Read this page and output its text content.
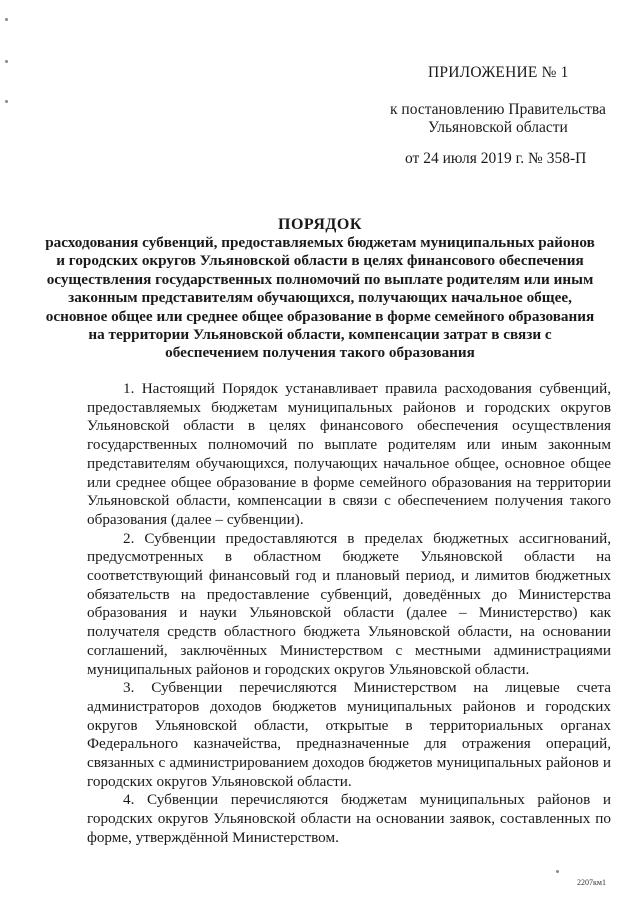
ПРИЛОЖЕНИЕ № 1
к постановлению Правительства
Ульяновской области
от 24 июля 2019 г. № 358-П
ПОРЯДОК
расходования субвенций, предоставляемых бюджетам муниципальных районов и городских округов Ульяновской области в целях финансового обеспечения осуществления государственных полномочий по выплате родителям или иным законным представителям обучающихся, получающих начальное общее, основное общее или среднее общее образование в форме семейного образования на территории Ульяновской области, компенсации затрат в связи с обеспечением получения такого образования

1. Настоящий Порядок устанавливает правила расходования субвенций, предоставляемых бюджетам муниципальных районов и городских округов Ульяновской области в целях финансового обеспечения осуществления государственных полномочий по выплате родителям или иным законным представителям обучающихся, получающих начальное общее, основное общее или среднее общее образование в форме семейного образования на территории Ульяновской области, компенсации в связи с обеспечением получения такого образования (далее – субвенции).

2. Субвенции предоставляются в пределах бюджетных ассигнований, предусмотренных в областном бюджете Ульяновской области на соответствующий финансовый год и плановый период, и лимитов бюджетных обязательств на предоставление субвенций, доведённых до Министерства образования и науки Ульяновской области (далее – Министерство) как получателя средств областного бюджета Ульяновской области, на основании соглашений, заключённых Министерством с местными администрациями муниципальных районов и городских округов Ульяновской области.

3. Субвенции перечисляются Министерством на лицевые счета администраторов доходов бюджетов муниципальных районов и городских округов Ульяновской области, открытые в территориальных органах Федерального казначейства, предназначенные для отражения операций, связанных с администрированием доходов бюджетов муниципальных районов и городских округов Ульяновской области.

4. Субвенции перечисляются бюджетам муниципальных районов и городских округов Ульяновской области на основании заявок, составленных по форме, утверждённой Министерством.

2207км1
